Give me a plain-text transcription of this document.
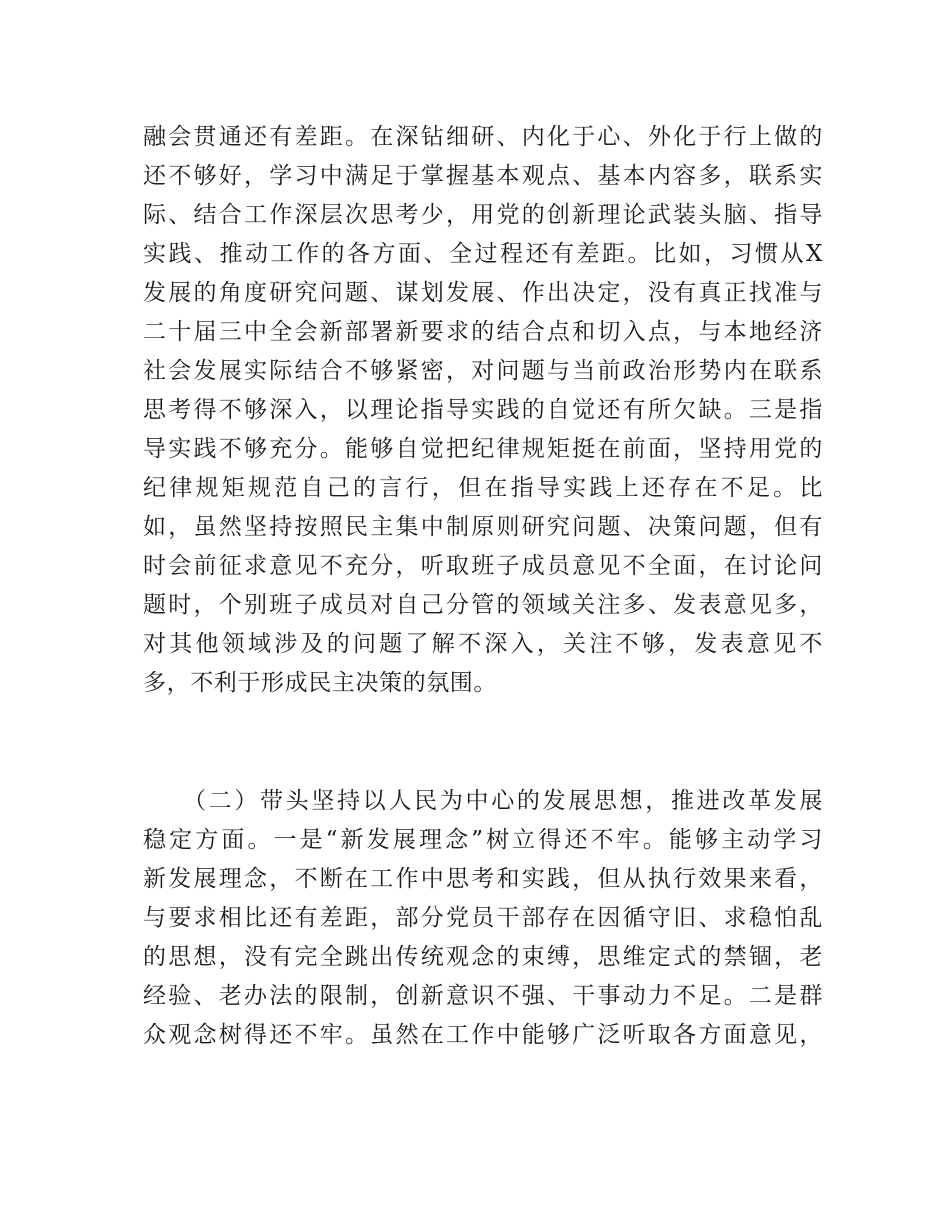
融会贯通还有差距。在深钻细研、内化于心、外化于行上做的
还不够好，学习中满足于掌握基本观点、基本内容多，联系实
际、结合工作深层次思考少，用党的创新理论武装头脑、指导
实践、推动工作的各方面、全过程还有差距。比如，习惯从X
发展的角度研究问题、谋划发展、作出决定，没有真正找准与
二十届三中全会新部署新要求的结合点和切入点，与本地经济
社会发展实际结合不够紧密，对问题与当前政治形势内在联系
思考得不够深入，以理论指导实践的自觉还有所欠缺。三是指
导实践不够充分。能够自觉把纪律规矩挺在前面，坚持用党的
纪律规矩规范自己的言行，但在指导实践上还存在不足。比
如，虽然坚持按照民主集中制原则研究问题、决策问题，但有
时会前征求意见不充分，听取班子成员意见不全面，在讨论问
题时，个别班子成员对自己分管的领域关注多、发表意见多，
对其他领域涉及的问题了解不深入，关注不够，发表意见不
多，不利于形成民主决策的氛围。
（二）带头坚持以人民为中心的发展思想，推进改革发展
稳定方面。一是“新发展理念”树立得还不牢。能够主动学习
新发展理念，不断在工作中思考和实践，但从执行效果来看，
与要求相比还有差距，部分党员干部存在因循守旧、求稳怕乱
的思想，没有完全跳出传统观念的束缚，思维定式的禁锢，老
经验、老办法的限制，创新意识不强、干事动力不足。二是群
众观念树得还不牢。虽然在工作中能够广泛听取各方面意见，
